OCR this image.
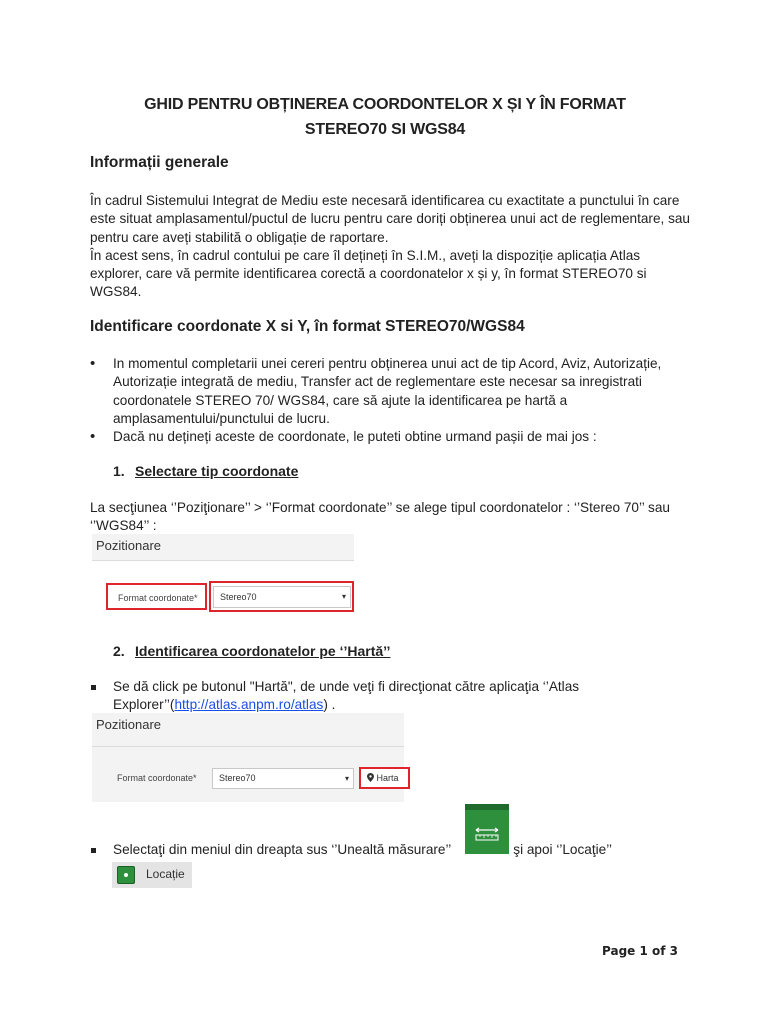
GHID PENTRU OBȚINEREA COORDONTELOR X ȘI Y ÎN FORMAT
STEREO70 SI WGS84
Informații generale
În cadrul Sistemului Integrat de Mediu este necesară identificarea cu exactitate a punctului în care este situat amplasamentul/puctul de lucru pentru care doriți obținerea unui act de reglementare, sau pentru care aveți stabilită o obligație de raportare.
În acest sens, în cadrul contului pe care îl dețineți în S.I.M., aveți la dispoziție aplicația Atlas explorer, care vă permite identificarea corectă a coordonatelor x și y, în format STEREO70 si WGS84.
Identificare coordonate X si Y, în format STEREO70/WGS84
• In momentul completarii unei cereri pentru obținerea unui act de tip Acord, Aviz, Autorizație, Autorizație integrată de mediu, Transfer act de reglementare este necesar sa inregistrati coordonatele STEREO 70/ WGS84, care să ajute la identificarea pe hartă a amplasamentului/punctului de lucru.
• Dacă nu dețineți aceste de coordonate, le puteti obtine urmand pașii de mai jos :
1. Selectare tip coordonate
La secţiunea ‘’Poziţionare’’ > ‘’Format coordonate’’ se alege tipul coordonatelor : ‘’Stereo 70’’ sau ‘’WGS84’’ :
Pozitionare
Format coordonate*	Stereo70	▾
2. Identificarea coordonatelor pe ‘’Hartă’’
Se dă click pe butonul "Hartă", de unde veţi fi direcţionat către aplicaţia ‘’Atlas Explorer’’(http://atlas.anpm.ro/atlas) .
Pozitionare
Format coordonate*	Stereo70	▾	Harta
Selectaţi din meniul din dreapta sus ‘’Unealtă măsurare’’	şi apoi ‘’Locaţie’’
Locație
Page 1 of 3
